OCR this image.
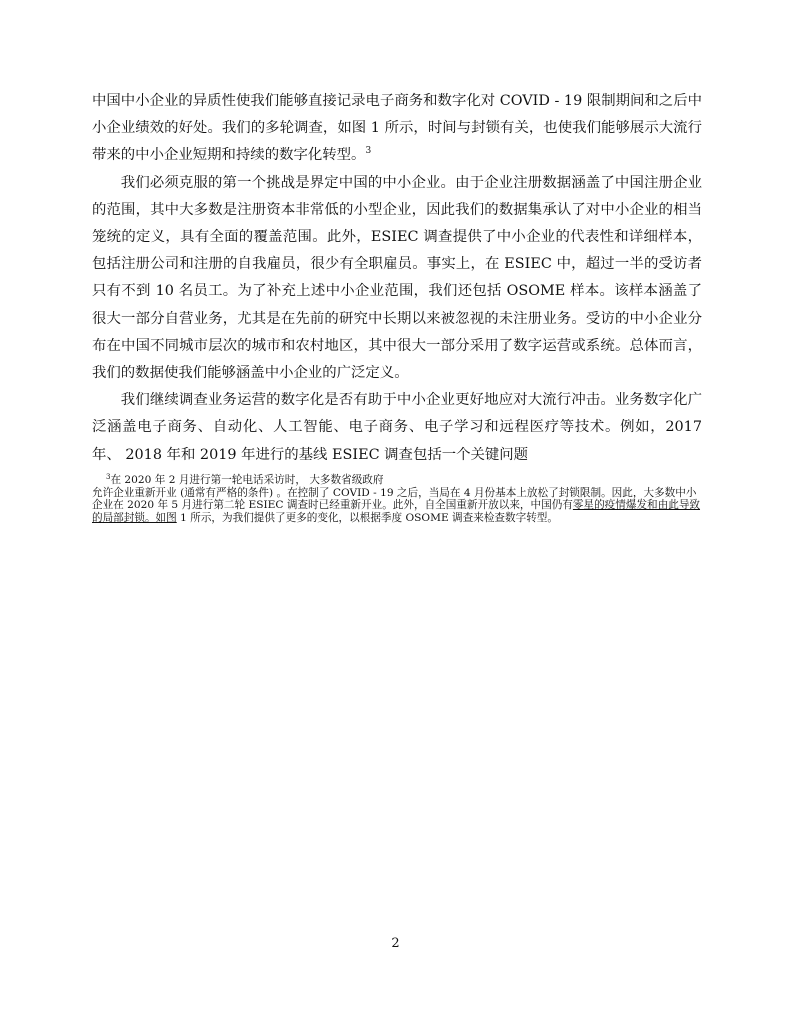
中国中小企业的异质性使我们能够直接记录电子商务和数字化对 COVID - 19 限制期间和之后中小企业绩效的好处。我们的多轮调查，如图 1 所示，时间与封锁有关，也使我们能够展示大流行带来的中小企业短期和持续的数字化转型。$^3$

我们必须克服的第一个挑战是界定中国的中小企业。由于企业注册数据涵盖了中国注册企业的范围，其中大多数是注册资本非常低的小型企业，因此我们的数据集承认了对中小企业的相当笼统的定义，具有全面的覆盖范围。此外，ESIEC 调查提供了中小企业的代表性和详细样本，包括注册公司和注册的自我雇员，很少有全职雇员。事实上，在 ESIEC 中，超过一半的受访者只有不到 10 名员工。为了补充上述中小企业范围，我们还包括 OSOME 样本。该样本涵盖了很大一部分自营业务，尤其是在先前的研究中长期以来被忽视的未注册业务。受访的中小企业分布在中国不同城市层次的城市和农村地区，其中很大一部分采用了数字运营或系统。总体而言，我们的数据使我们能够涵盖中小企业的广泛定义。

我们继续调查业务运营的数字化是否有助于中小企业更好地应对大流行冲击。业务数字化广泛涵盖电子商务、自动化、人工智能、电子商务、电子学习和远程医疗等技术。例如，2017 年、 2018 年和 2019 年进行的基线 ESIEC 调查包括一个关键问题

$^3$在 2020 年 2 月进行第一轮电话采访时， 大多数省级政府
允许企业重新开业 (通常有严格的条件) 。在控制了 COVID - 19 之后，当局在 4 月份基本上放松了封锁限制。因此，大多数中小企业在 2020 年 5 月进行第二轮 ESIEC 调查时已经重新开业。此外，自全国重新开放以来，中国仍有零星的疫情爆发和由此导致的局部封锁。如图 1 所示，为我们提供了更多的变化，以根据季度 OSOME 调查来检查数字转型。
2
